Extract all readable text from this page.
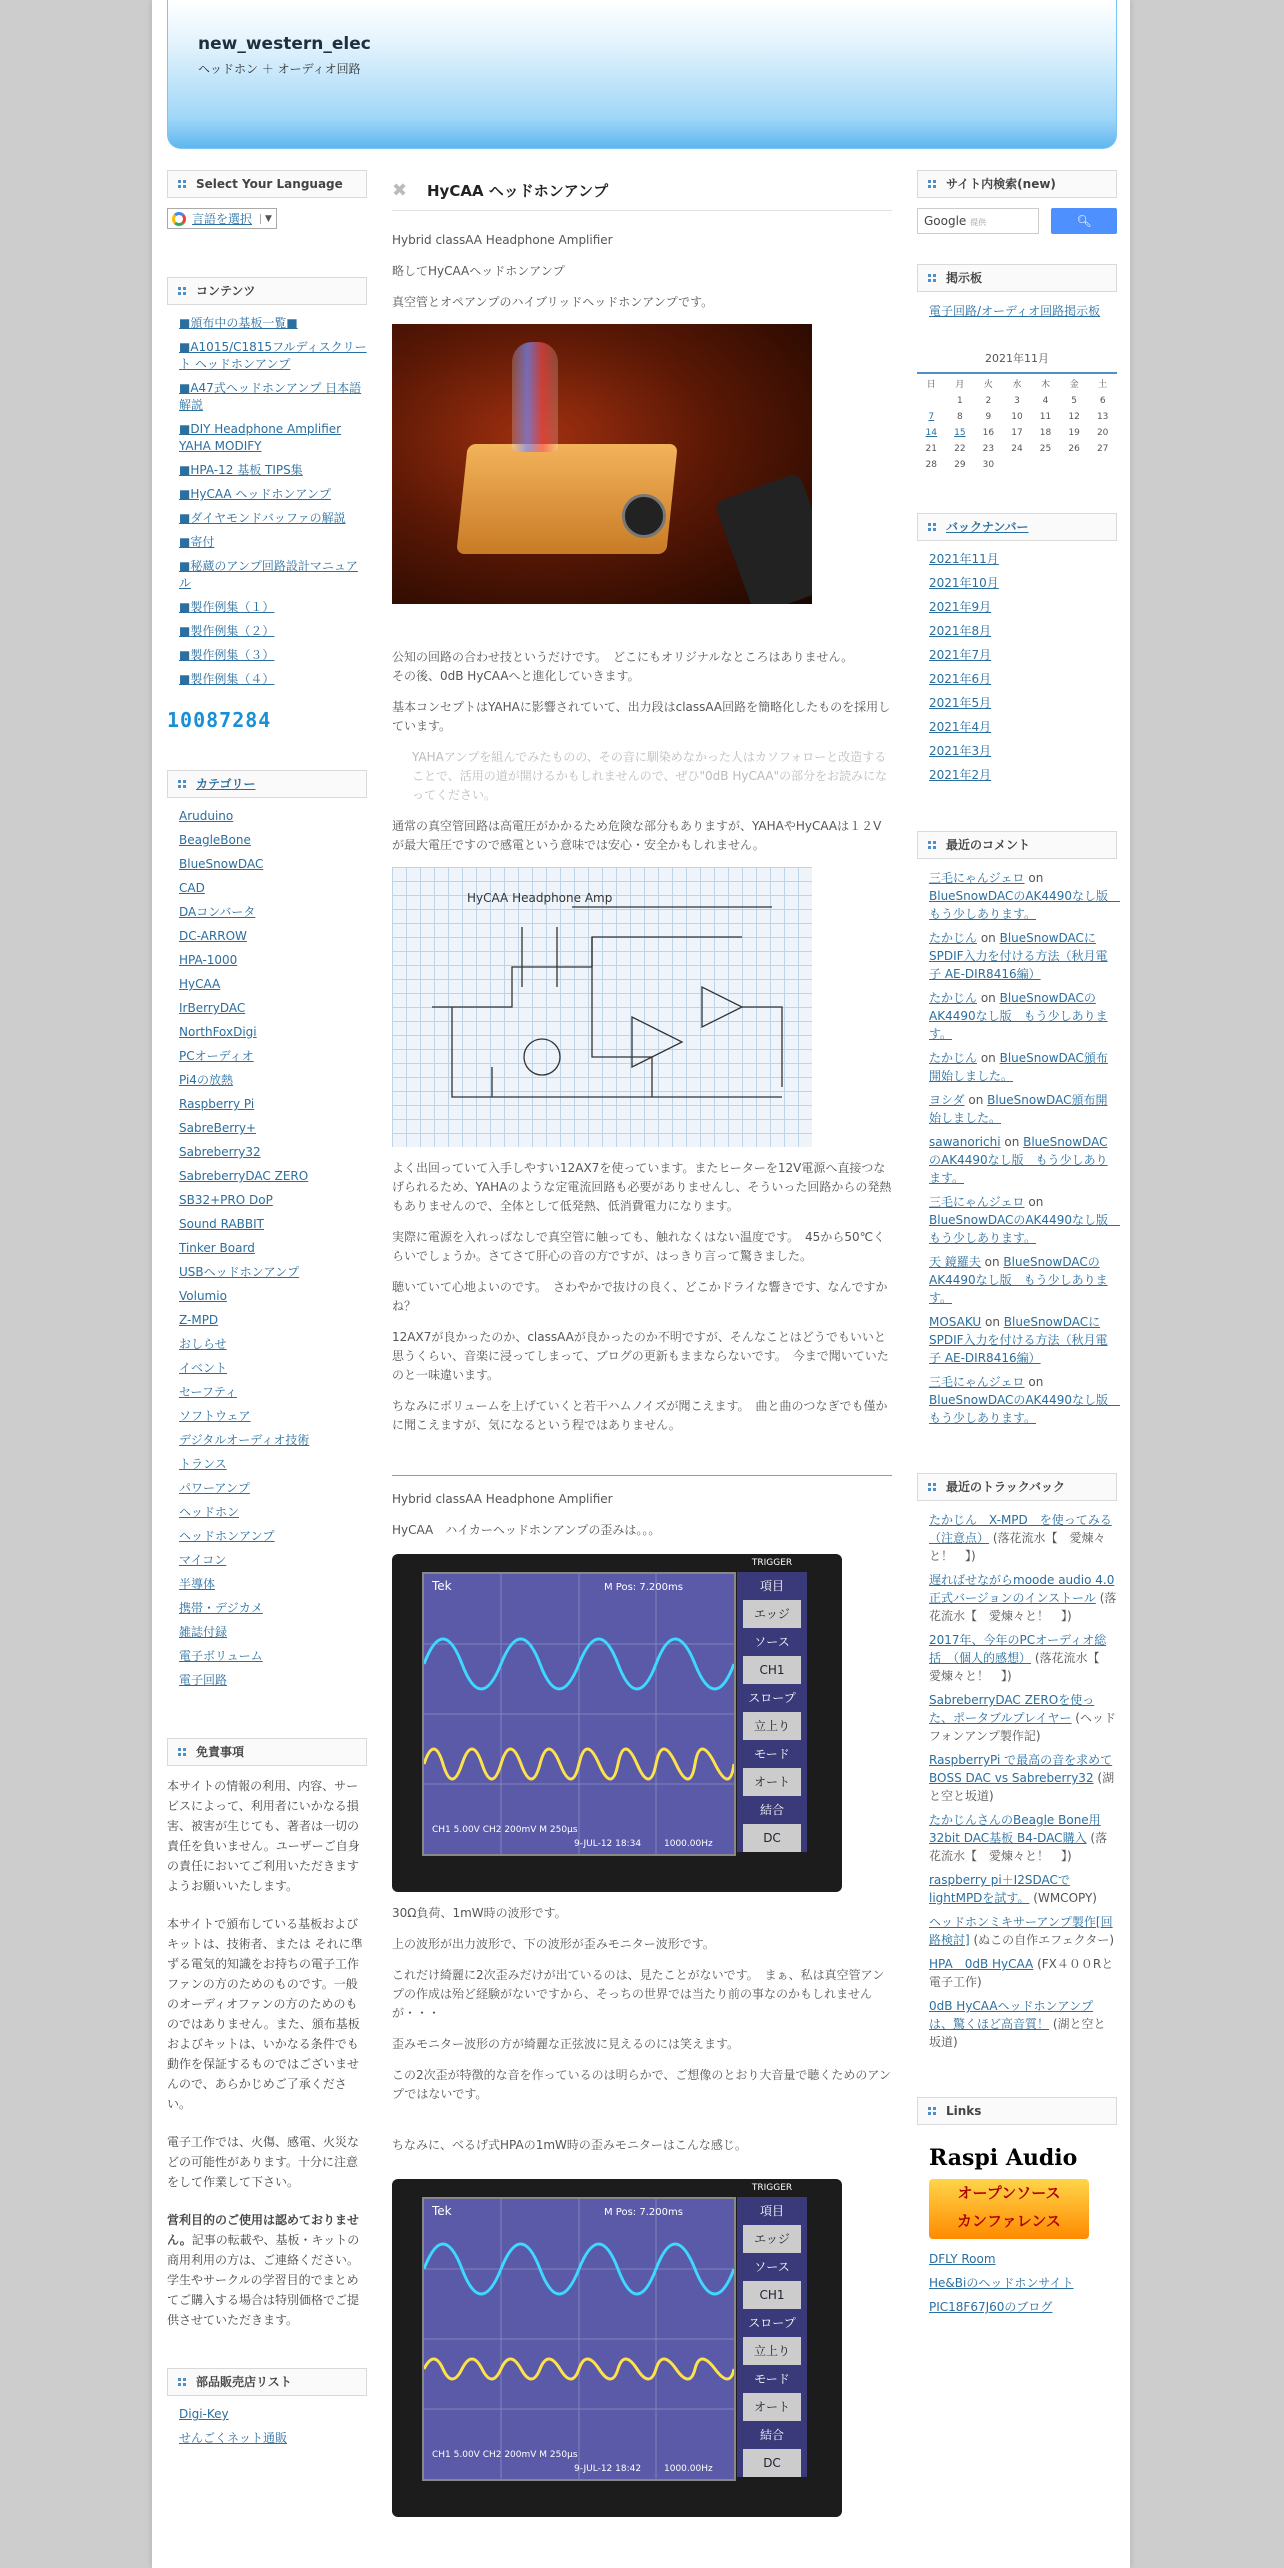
new_western_elec
ヘッドホン ＋ オーディオ回路
Select Your Language
言語を選択	▼
コンテンツ
■頒布中の基板一覧■
■A1015/C1815フルディスクリート ヘッドホンアンプ
■A47式ヘッドホンアンプ 日本語解説
■DIY Headphone Amplifier YAHA MODIFY
■HPA-12 基板 TIPS集
■HyCAA ヘッドホンアンプ
■ダイヤモンドバッファの解説
■寄付
■秘蔵のアンプ回路設計マニュアル
■製作例集（１）
■製作例集（２）
■製作例集（３）
■製作例集（４）
10087284
カテゴリー
Aruduino
BeagleBone
BlueSnowDAC
CAD
DAコンバータ
DC-ARROW
HPA-1000
HyCAA
IrBerryDAC
NorthFoxDigi
PCオーディオ
Pi4の放熱
Raspberry Pi
SabreBerry+
Sabreberry32
SabreberryDAC ZERO
SB32+PRO DoP
Sound RABBIT
Tinker Board
USBヘッドホンアンプ
Volumio
Z-MPD
おしらせ
イベント
セーフティ
ソフトウェア
デジタルオーディオ技術
トランス
パワーアンプ
ヘッドホン
ヘッドホンアンプ
マイコン
半導体
携帯・デジカメ
雑誌付録
電子ボリューム
電子回路
免責事項
本サイトの情報の利用、内容、サービスによって、利用者にいかなる損害、被害が生じても、著者は一切の責任を負いません。ユーザーご自身の責任においてご利用いただきますようお願いいたします。
本サイトで頒布している基板およびキットは、技術者、または それに準ずる電気的知識をお持ちの電子工作ファンの方のためのものです。一般のオーディオファンの方のためのものではありません。また、頒布基板およびキットは、いかなる条件でも動作を保証するものではございませんので、あらかじめご了承ください。
電子工作では、火傷、感電、火災などの可能性があります。十分に注意をして作業して下さい。
営利目的のご使用は認めておりません。記事の転載や、基板・キットの商用利用の方は、ご連絡ください。学生やサークルの学習目的でまとめてご購入する場合は特別価格でご提供させていただきます。
部品販売店リスト
Digi-Key
せんごくネット通販
✖ HyCAA ヘッドホンアンプ

Hybrid classAA Headphone Amplifier

略してHyCAAヘッドホンアンプ

真空管とオペアンプのハイブリッドヘッドホンアンプです。

公知の回路の合わせ技というだけです。　どこにもオリジナルなところはありません。
その後、0dB HyCAAへと進化していきます。

基本コンセプトはYAHAに影響されていて、出力段はclassAA回路を簡略化したものを採用しています。

YAHAアンプを組んでみたものの、その音に馴染めなかった人はカソフォローと改造することで、活用の道が開けるかもしれませんので、ぜひ"0dB HyCAA"の部分をお読みになってください。

通常の真空管回路は高電圧がかかるため危険な部分もありますが、YAHAやHyCAAは１２Vが最大電圧ですので感電という意味では安心・安全かもしれません。

HyCAA Headphone Amp

よく出回っていて入手しやすい12AX7を使っています。またヒーターを12V電源へ直接つなげられるため、YAHAのような定電流回路も必要がありませんし、そういった回路からの発熱もありませんので、全体として低発熱、低消費電力になります。

実際に電源を入れっぱなしで真空管に触っても、触れなくはない温度です。　45から50℃くらいでしょうか。さてさて肝心の音の方ですが、はっきり言って驚きました。

聴いていて心地よいのです。　さわやかで抜けの良く、どこかドライな響きです、なんですかね？

12AX7が良かったのか、classAAが良かったのか不明ですが、そんなことはどうでもいいと思うくらい、音楽に浸ってしまって、ブログの更新もままならないです。　今まで聞いていたのと一味違います。

ちなみにボリュームを上げていくと若干ハムノイズが聞こえます。　曲と曲のつなぎでも僅かに聞こえますが、気になるという程ではありません。

Hybrid classAA Headphone Amplifier

HyCAA　ハイカーヘッドホンアンプの歪みは。。。

Tek	M Pos: 7.200ms
CH1 5.00V CH2 200mV M 250µs
9-JUL-12 18:34	1000.00Hz
項目
エッジ
ソース
CH1
スロープ
立上り
モード
オート
結合
DC
TRIGGER

30Ω負荷、1mW時の波形です。

上の波形が出力波形で、下の波形が歪みモニター波形です。

これだけ綺麗に2次歪みだけが出ているのは、見たことがないです。　まぁ、私は真空管アンプの作成は殆ど経験がないですから、そっちの世界では当たり前の事なのかもしれませんが・・・

歪みモニター波形の方が綺麗な正弦波に見えるのには笑えます。

この2次歪が特徴的な音を作っているのは明らかで、ご想像のとおり大音量で聴くためのアンプではないです。

ちなみに、べるげ式HPAの1mW時の歪みモニターはこんな感じ。

Tek	M Pos: 7.200ms
CH1 5.00V CH2 200mV M 250µs
9-JUL-12 18:42	1000.00Hz
項目
エッジ
ソース
CH1
スロープ
立上り
モード
オート
結合
DC
TRIGGER
サイト内検索(new)
Google 提供	🔍︎
掲示板
電子回路/オーディオ回路掲示板
2021年11月
日	月	火	水	木	金	土
	1	2	3	4	5	6
7	8	9	10	11	12	13
14	15	16	17	18	19	20
21	22	23	24	25	26	27
28	29	30				
バックナンバー
2021年11月
2021年10月
2021年9月
2021年8月
2021年7月
2021年6月
2021年5月
2021年4月
2021年3月
2021年2月
最近のコメント
三毛にゃんジェロ on BlueSnowDACのAK4490なし版　もう少しあります。
たかじん on BlueSnowDACにSPDIF入力を付ける方法（秋月電子 AE-DIR8416編）
たかじん on BlueSnowDACのAK4490なし版　もう少しあります。
たかじん on BlueSnowDAC頒布開始しました。
ヨシダ on BlueSnowDAC頒布開始しました。
sawanorichi on BlueSnowDACのAK4490なし版　もう少しあります。
三毛にゃんジェロ on BlueSnowDACのAK4490なし版　もう少しあります。
天 鏡羅夫 on BlueSnowDACのAK4490なし版　もう少しあります。
MOSAKU on BlueSnowDACにSPDIF入力を付ける方法（秋月電子 AE-DIR8416編）
三毛にゃんジェロ on BlueSnowDACのAK4490なし版　もう少しあります。
最近のトラックバック
たかじん　X-MPD　を使ってみる（注意点） (落花流水【　愛煉々と！　】)
遅ればせながらmoode audio 4.0正式バージョンのインストール (落花流水【　愛煉々と！　】)
2017年、今年のPCオーディオ総括　（個人的感想） (落花流水【　愛煉々と！　】)
SabreberryDAC ZEROを使った、ポータブルプレイヤー (ヘッドフォンアンプ製作記)
RaspberryPi で最高の音を求めて BOSS DAC vs Sabreberry32 (湖と空と坂道)
たかじんさんのBeagle Bone用 32bit DAC基板 B4-DAC購入 (落花流水【　愛煉々と！　】)
raspberry pi＋I2SDACでlightMPDを試す。 (WMCOPY)
ヘッドホンミキサーアンプ製作[回路検討] (ぬこの自作エフェクター)
HPA　0dB HyCAA (FX４００Rと電子工作)
0dB HyCAAヘッドホンアンプは、驚くほど高音質！ (湖と空と坂道)
Links
Raspi Audio
オープンソース
カンファレンス
DFLY Room
He&Biのヘッドホンサイト
PIC18F67J60のブログ
